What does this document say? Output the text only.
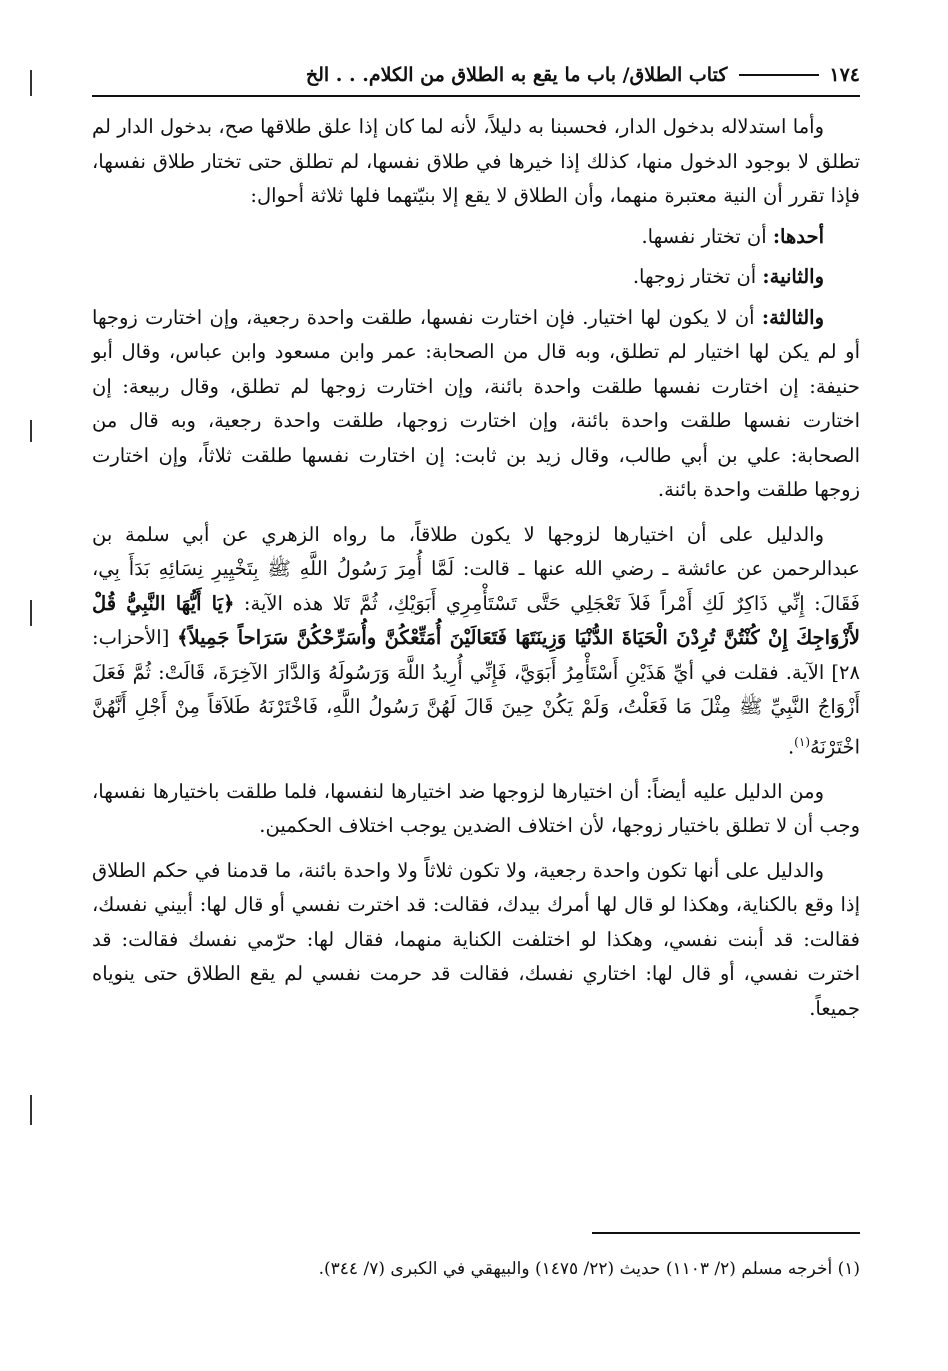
١٧٤
كتاب الطلاق/ باب ما يقع به الطلاق من الكلام. . . الخ

وأما استدلاله بدخول الدار، فحسبنا به دليلاً، لأنه لما كان إذا علق طلاقها صح، بدخول الدار لم تطلق لا بوجود الدخول منها، كذلك إذا خيرها في طلاق نفسها، لم تطلق حتى تختار طلاق نفسها، فإذا تقرر أن النية معتبرة منهما، وأن الطلاق لا يقع إلا بنيّتهما فلها ثلاثة أحوال:

أحدها: أن تختار نفسها.

والثانية: أن تختار زوجها.

والثالثة: أن لا يكون لها اختيار. فإن اختارت نفسها، طلقت واحدة رجعية، وإن اختارت زوجها أو لم يكن لها اختيار لم تطلق، وبه قال من الصحابة: عمر وابن مسعود وابن عباس، وقال أبو حنيفة: إن اختارت نفسها طلقت واحدة بائنة، وإن اختارت زوجها لم تطلق، وقال ربيعة: إن اختارت نفسها طلقت واحدة بائنة، وإن اختارت زوجها، طلقت واحدة رجعية، وبه قال من الصحابة: علي بن أبي طالب، وقال زيد بن ثابت: إن اختارت نفسها طلقت ثلاثاً، وإن اختارت زوجها طلقت واحدة بائنة.

والدليل على أن اختيارها لزوجها لا يكون طلاقاً، ما رواه الزهري عن أبي سلمة بن عبدالرحمن عن عائشة ـ رضي الله عنها ـ قالت: لَمَّا أُمِرَ رَسُولُ اللَّهِ ﷺ بِتَخْيِيرِ نِسَائِهِ بَدَأَ بِي، فَقَالَ: إِنِّي ذَاكِرٌ لَكِ أَمْراً فَلاَ تَعْجَلِي حَتَّى تَسْتَأْمِرِي أَبَوَيْكِ، ثُمَّ تَلا هذه الآية: ﴿يَا أَيُّهَا النَّبِيُّ قُلْ لأَزْوَاجِكَ إِنْ كُنْتُنَّ تُرِدْنَ الْحَيَاةَ الدُّنْيَا وَزِينَتَهَا فَتَعَالَيْنَ أُمَتِّعْكُنَّ وأُسَرِّحْكُنَّ سَرَاحاً جَمِيلاً﴾ [الأحزاب: ٢٨] الآية. فقلت في أيِّ هَذَيْنِ أَسْتَأْمِرُ أَبَوَيَّ، فَإِنِّي أُرِيدُ اللَّهَ وَرَسُولَهُ وَالدَّارَ الآخِرَةَ، قَالَتْ: ثُمَّ فَعَلَ أَزْوَاجُ النَّبِيِّ ﷺ مِثْلَ مَا فَعَلْتُ، وَلَمْ يَكُنْ حِينَ قَالَ لَهُنَّ رَسُولُ اللَّهِ، فَاخْتَرْنَهُ طَلاَقاً مِنْ أَجْلِ أَنَّهُنَّ اخْتَرْنَهُ$^{(١)}$.

ومن الدليل عليه أيضاً: أن اختيارها لزوجها ضد اختيارها لنفسها، فلما طلقت باختيارها نفسها، وجب أن لا تطلق باختيار زوجها، لأن اختلاف الضدين يوجب اختلاف الحكمين.

والدليل على أنها تكون واحدة رجعية، ولا تكون ثلاثاً ولا واحدة بائنة، ما قدمنا في حكم الطلاق إذا وقع بالكناية، وهكذا لو قال لها أمرك بيدك، فقالت: قد اخترت نفسي أو قال لها: أبيني نفسك، فقالت: قد أبنت نفسي، وهكذا لو اختلفت الكناية منهما، فقال لها: حرّمي نفسك فقالت: قد اخترت نفسي، أو قال لها: اختاري نفسك، فقالت قد حرمت نفسي لم يقع الطلاق حتى ينوياه جميعاً.

(١) أخرجه مسلم (٢/ ١١٠٣) حديث (٢٢/ ١٤٧٥) والبيهقي في الكبرى (٧/ ٣٤٤).
